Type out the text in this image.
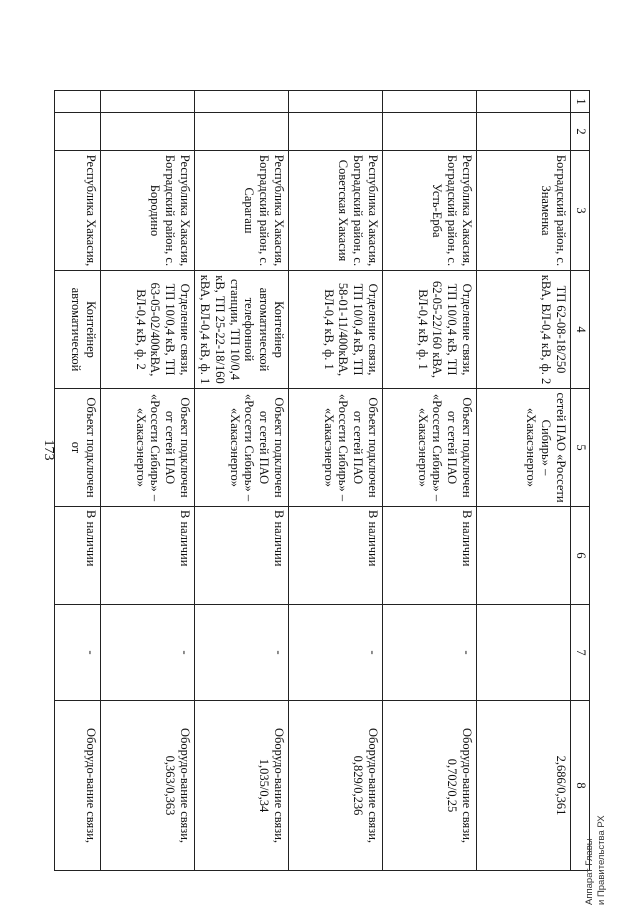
173
1	2	3	4	5	6	7	8
		Боградский район, с. Знаменка	ТП 62-08-18/250 кВА, ВЛ-0,4 кВ, ф. 2	сетей ПАО «Россети Сибирь» – «Хакасэнерго»			2,686/0,361
		Республика Хакасия, Боградский район, с. Усть-Ерба	Отделение связи, ТП 10/0,4 кВ, ТП 62-05-22/160 кВА, ВЛ-0,4 кВ, ф. 1	Объект подключен от сетей ПАО «Россети Сибирь» – «Хакасэнерго»	В наличии	-	Оборудо-вание связи, 0,702/0,25
		Республика Хакасия, Боградский район, с. Советская Хакасия	Отделение связи, ТП 10/0,4 кВ, ТП 58-01-11/400кВА, ВЛ-0,4 кВ, ф. 1	Объект подключен от сетей ПАО «Россети Сибирь» – «Хакасэнерго»	В наличии	-	Оборудо-вание связи, 0,829/0,236
		Республика Хакасия, Боградский район, с. Сарагаш	Контейнер автоматической телефонной станции, ТП 10/0,4 кВ, ТП 25-22-18/160 кВА, ВЛ-0,4 кВ, ф. 1	Объект подключен от сетей ПАО «Россети Сибирь» – «Хакасэнерго»	В наличии	-	Оборудо-вание связи, 1,035/0,34
		Республика Хакасия, Боградский район, с. Бородино	Отделение связи, ТП 10/0,4 кВ, ТП 63-05-02/400кВА, ВЛ-0,4 кВ, ф. 2	Объект подключен от сетей ПАО «Россети Сибирь» – «Хакасэнерго»	В наличии	-	Оборудо-вание связи, 0,363/0,363
		Республика Хакасия,	Контейнер автоматической	Объект подключен от	В наличии	-	Оборудо-вание связи,
Аппарат Главы и Правительства РХ
